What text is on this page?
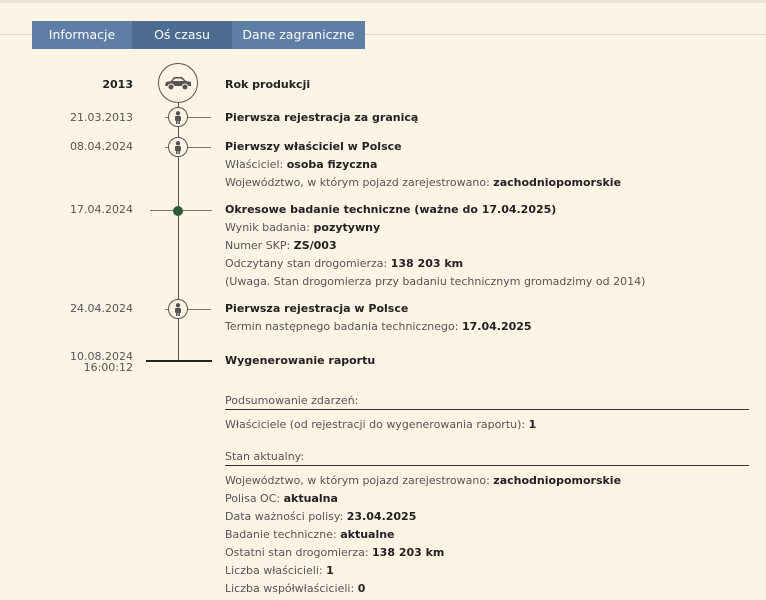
Informacje	Oś czasu	Dane zagraniczne
2013
21.03.2013
08.04.2024
17.04.2024
24.04.2024
10.08.2024
16:00:12
Rok produkcji
Pierwsza rejestracja za granicą
Pierwszy właściciel w Polsce
Właściciel: osoba fizyczna
Województwo, w którym pojazd zarejestrowano: zachodniopomorskie
Okresowe badanie techniczne (ważne do 17.04.2025)
Wynik badania: pozytywny
Numer SKP: ZS/003
Odczytany stan drogomierza: 138 203 km
(Uwaga. Stan drogomierza przy badaniu technicznym gromadzimy od 2014)
Pierwsza rejestracja w Polsce
Termin następnego badania technicznego: 17.04.2025
Wygenerowanie raportu
Podsumowanie zdarzeń:
Właściciele (od rejestracji do wygenerowania raportu): 1
Stan aktualny:
Województwo, w którym pojazd zarejestrowano: zachodniopomorskie
Polisa OC: aktualna
Data ważności polisy: 23.04.2025
Badanie techniczne: aktualne
Ostatni stan drogomierza: 138 203 km
Liczba właścicieli: 1
Liczba współwłaścicieli: 0
